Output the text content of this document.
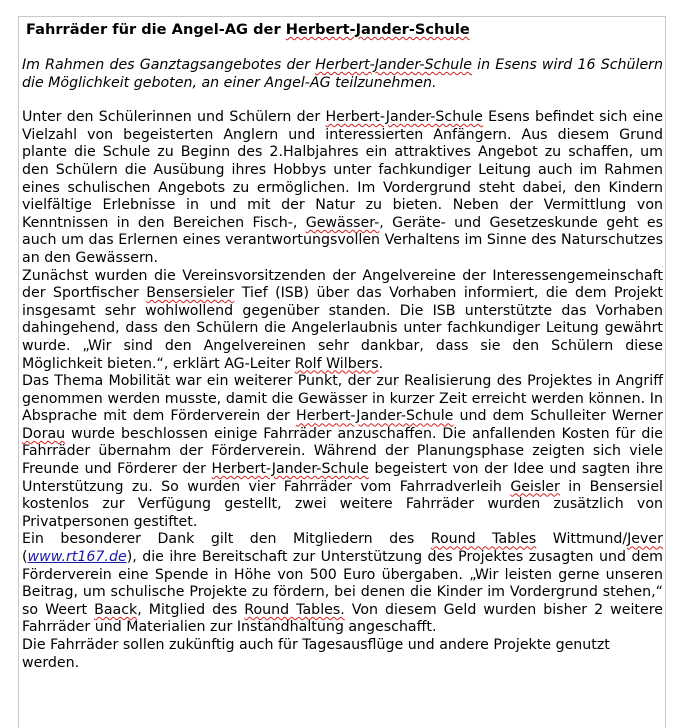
Fahrräder für die Angel-AG der Herbert-Jander-Schule

Im Rahmen des Ganztagsangebotes der Herbert-Jander-Schule in Esens wird 16 Schülern die Möglichkeit geboten, an einer Angel-AG teilzunehmen.

Unter den Schülerinnen und Schülern der Herbert-Jander-Schule Esens befindet sich eine Vielzahl von begeisterten Anglern und interessierten Anfängern. Aus diesem Grund plante die Schule zu Beginn des 2.Halbjahres ein attraktives Angebot zu schaffen, um den Schülern die Ausübung ihres Hobbys unter fachkundiger Leitung auch im Rahmen eines schulischen Angebots zu ermöglichen. Im Vordergrund steht dabei, den Kindern vielfältige Erlebnisse in und mit der Natur zu bieten. Neben der Vermittlung von Kenntnissen in den Bereichen Fisch-, Gewässer-, Geräte- und Gesetzeskunde geht es auch um das Erlernen eines verantwortungsvollen Verhaltens im Sinne des Naturschutzes an den Gewässern.

Zunächst wurden die Vereinsvorsitzenden der Angelvereine der Interessengemeinschaft der Sportfischer Bensersieler Tief (ISB) über das Vorhaben informiert, die dem Projekt insgesamt sehr wohlwollend gegenüber standen. Die ISB unterstützte das Vorhaben dahingehend, dass den Schülern die Angelerlaubnis unter fachkundiger Leitung gewährt wurde. „Wir sind den Angelvereinen sehr dankbar, dass sie den Schülern diese Möglichkeit bieten.“, erklärt AG-Leiter Rolf Wilbers.

Das Thema Mobilität war ein weiterer Punkt, der zur Realisierung des Projektes in Angriff genommen werden musste, damit die Gewässer in kurzer Zeit erreicht werden können. In Absprache mit dem Förderverein der Herbert-Jander-Schule und dem Schulleiter Werner Dorau wurde beschlossen einige Fahrräder anzuschaffen. Die anfallenden Kosten für die Fahrräder übernahm der Förderverein. Während der Planungsphase zeigten sich viele Freunde und Förderer der Herbert-Jander-Schule begeistert von der Idee und sagten ihre Unterstützung zu. So wurden vier Fahrräder vom Fahrradverleih Geisler in Bensersiel kostenlos zur Verfügung gestellt, zwei weitere Fahrräder wurden zusätzlich von Privatpersonen gestiftet.

Ein besonderer Dank gilt den Mitgliedern des Round Tables Wittmund/Jever (www.rt167.de), die ihre Bereitschaft zur Unterstützung des Projektes zusagten und dem Förderverein eine Spende in Höhe von 500 Euro übergaben. „Wir leisten gerne unseren Beitrag, um schulische Projekte zu fördern, bei denen die Kinder im Vordergrund stehen,“ so Weert Baack, Mitglied des Round Tables. Von diesem Geld wurden bisher 2 weitere Fahrräder und Materialien zur Instandhaltung angeschafft.

Die Fahrräder sollen zukünftig auch für Tagesausflüge und andere Projekte genutzt werden.
